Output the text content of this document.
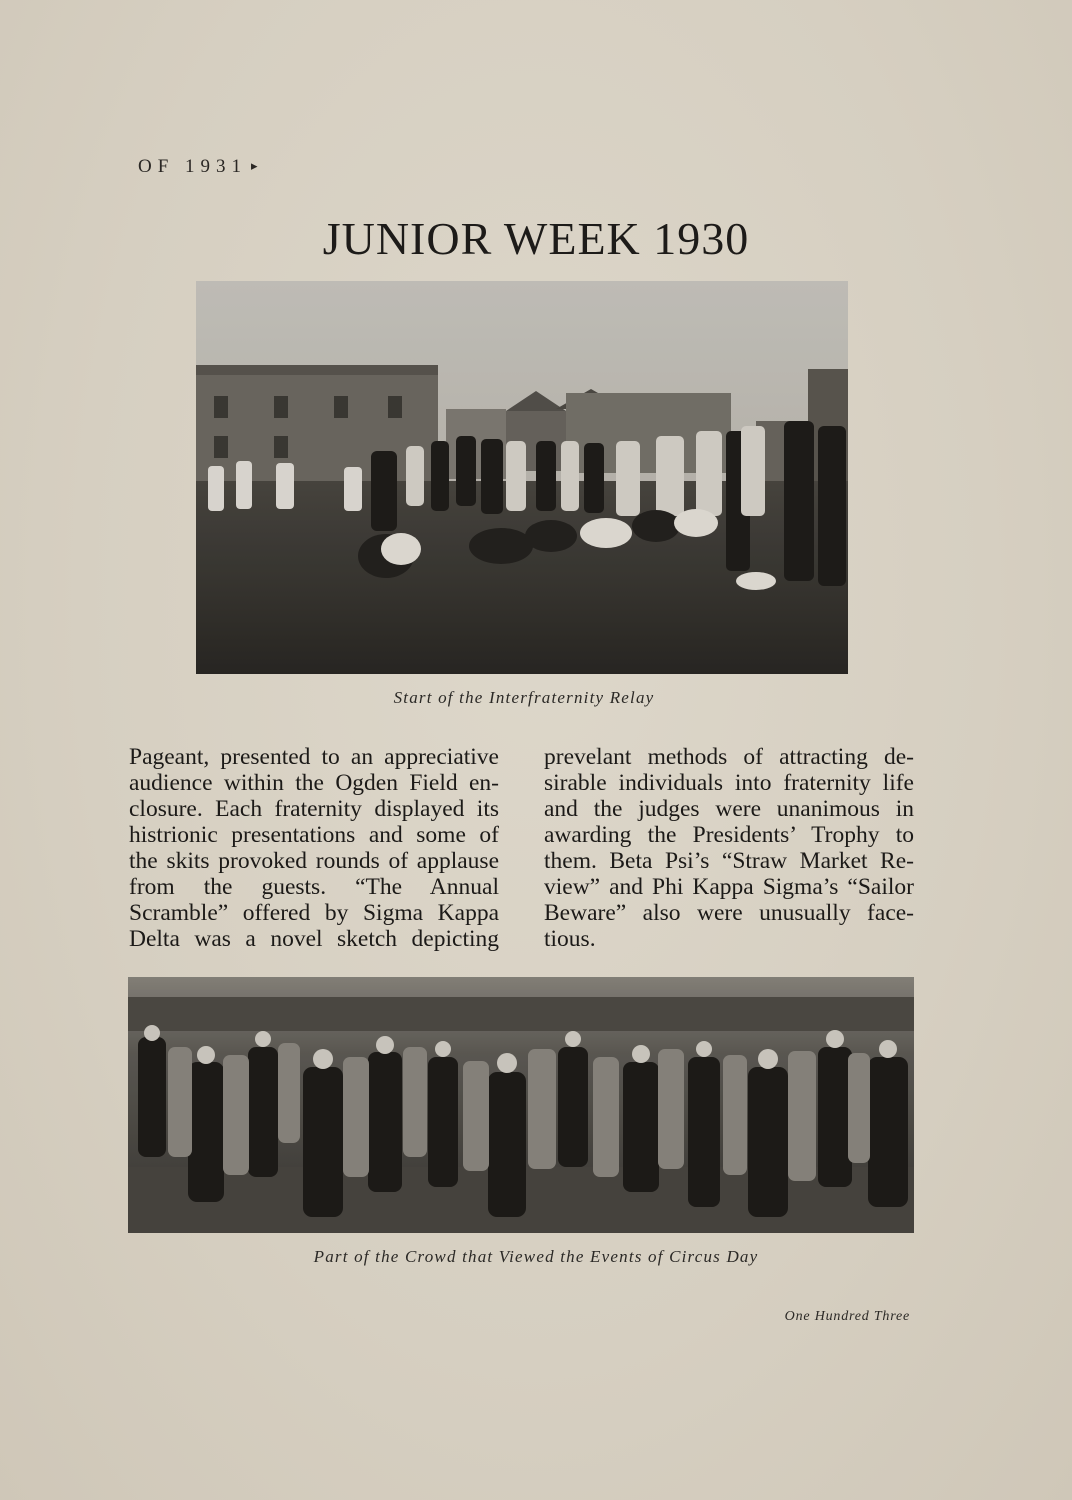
OF 1931 ▸
JUNIOR WEEK 1930
Start of the Interfraternity Relay
Pageant, presented to an appreciative
audience within the Ogden Field en-
closure. Each fraternity displayed its
histrionic presentations and some of
the skits provoked rounds of applause
from the guests. “The Annual
Scramble” offered by Sigma Kappa
Delta was a novel sketch depicting
prevelant methods of attracting de-
sirable individuals into fraternity life
and the judges were unanimous in
awarding the Presidents’ Trophy to
them. Beta Psi’s “Straw Market Re-
view” and Phi Kappa Sigma’s “Sailor
Beware” also were unusually face-
tious.
Part of the Crowd that Viewed the Events of Circus Day
One Hundred Three
